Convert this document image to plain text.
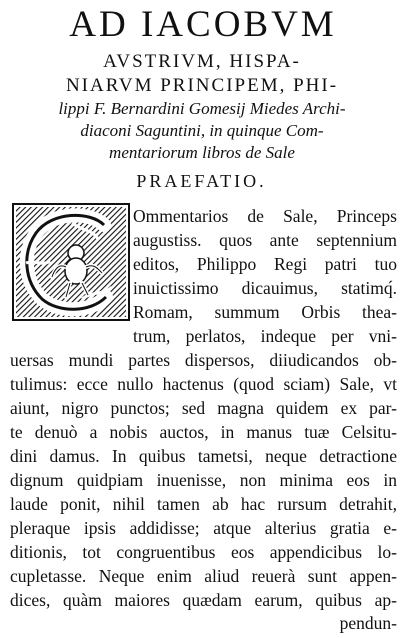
AD IACOBVM
AVSTRIVM, HISPA-
NIARVM PRINCIPEM, PHI-
lippi F. Bernardini Gomesij Miedes Archi-
diaconi Saguntini, in quinque Com-
mentariorum libros de Sale
PRAEFATIO.
Ommentarios de Sale, Princeps
augustiss. quos ante septennium
editos, Philippo Regi patri tuo
inuictissimo dicauimus, statimq́.
Romam, summum Orbis thea-
trum, perlatos, indeque per vni-
uersas mundi partes dispersos, diiudicandos ob-
tulimus: ecce nullo hactenus (quod sciam) Sale, vt
aiunt, nigro punctos; sed magna quidem ex par-
te denuò a nobis auctos, in manus tuæ Celsitu-
dini damus. In quibus tametsi, neque detractione
dignum quidpiam inuenisse, non minima eos in
laude ponit, nihil tamen ab hac rursum detrahit,
pleraque ipsis addidisse; atque alterius gratia e-
ditionis, tot congruentibus eos appendicibus lo-
cupletasse. Neque enim aliud reuerà sunt appen-
dices, quàm maiores quædam earum, quibus ap-
pendun-
